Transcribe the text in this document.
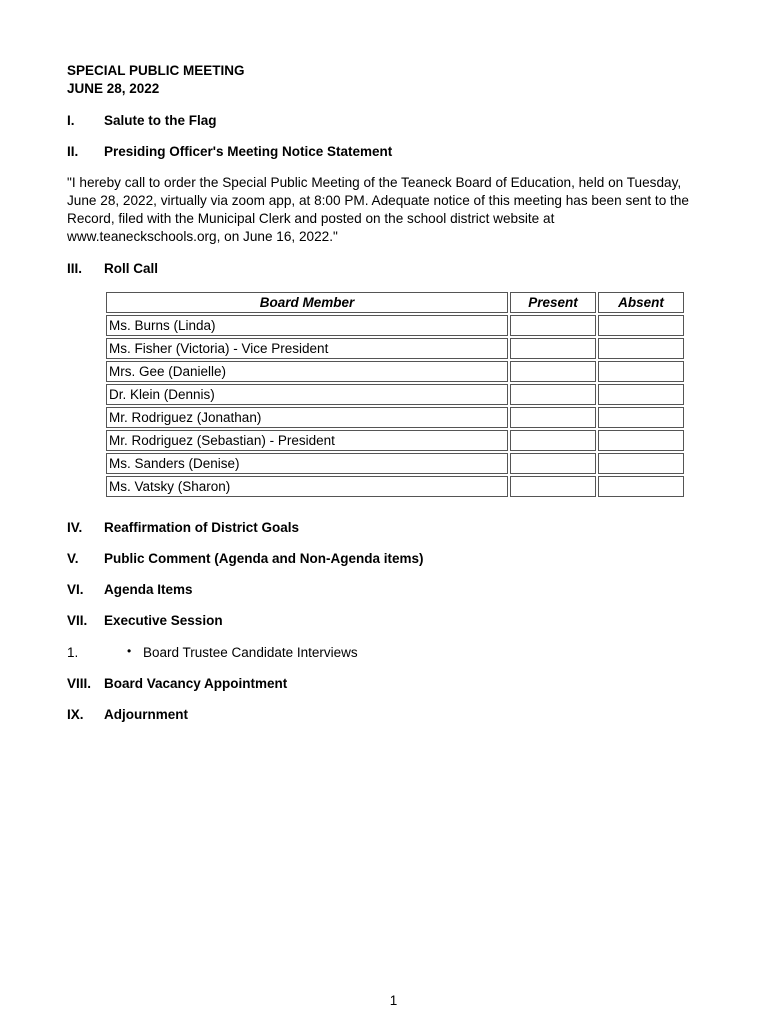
SPECIAL PUBLIC MEETING
JUNE 28, 2022
I. Salute to the Flag
II. Presiding Officer's Meeting Notice Statement
"I hereby call to order the Special Public Meeting of the Teaneck Board of Education, held on Tuesday, June 28, 2022, virtually via zoom app, at 8:00 PM. Adequate notice of this meeting has been sent to the Record, filed with the Municipal Clerk and posted on the school district website at www.teaneckschools.org, on June 16, 2022."
III. Roll Call
Board Member	Present	Absent
Ms. Burns (Linda)		
Ms. Fisher (Victoria) - Vice President		
Mrs. Gee (Danielle)		
Dr. Klein (Dennis)		
Mr. Rodriguez (Jonathan)		
Mr. Rodriguez (Sebastian) - President		
Ms. Sanders (Denise)		
Ms. Vatsky (Sharon)		
IV. Reaffirmation of District Goals
V. Public Comment (Agenda and Non-Agenda items)
VI. Agenda Items
VII. Executive Session
1.	• Board Trustee Candidate Interviews
VIII. Board Vacancy Appointment
IX. Adjournment
1
